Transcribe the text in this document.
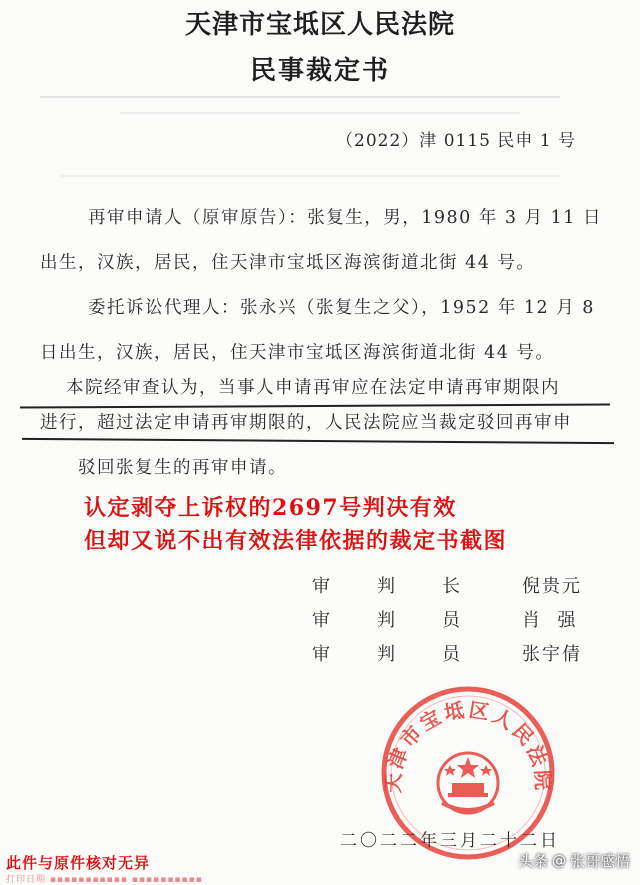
天津市宝坻区人民法院
民事裁定书
（2022）津 0115 民申 1 号
再审申请人（原审原告）：张复生，男，1980 年 3 月 11 日出生，汉族，居民，住天津市宝坻区海滨街道北街 44 号。
委托诉讼代理人：张永兴（张复生之父），1952 年 12 月 8 日出生，汉族，居民，住天津市宝坻区海滨街道北街 44 号。
本院经审查认为，当事人申请再审应在法定申请再审期限内
进行，超过法定申请再审期限的，人民法院应当裁定驳回再审申
驳回张复生的再审申请。
认定剥夺上诉权的2697号判决有效
但却又说不出有效法律依据的裁定书截图
审	判	长	倪贵元
审	判	员	肖  强
审	判	员	张宇倩
天津市宝坻区人民法院
二〇二二年三月二十二日
此件与原件核对无异
打印日期 ▪▪▪▪▪▪▪▪▪▪▪ ▪▪▪▪▪▪▪▪▪▪
头条 @ 张哥感悟
